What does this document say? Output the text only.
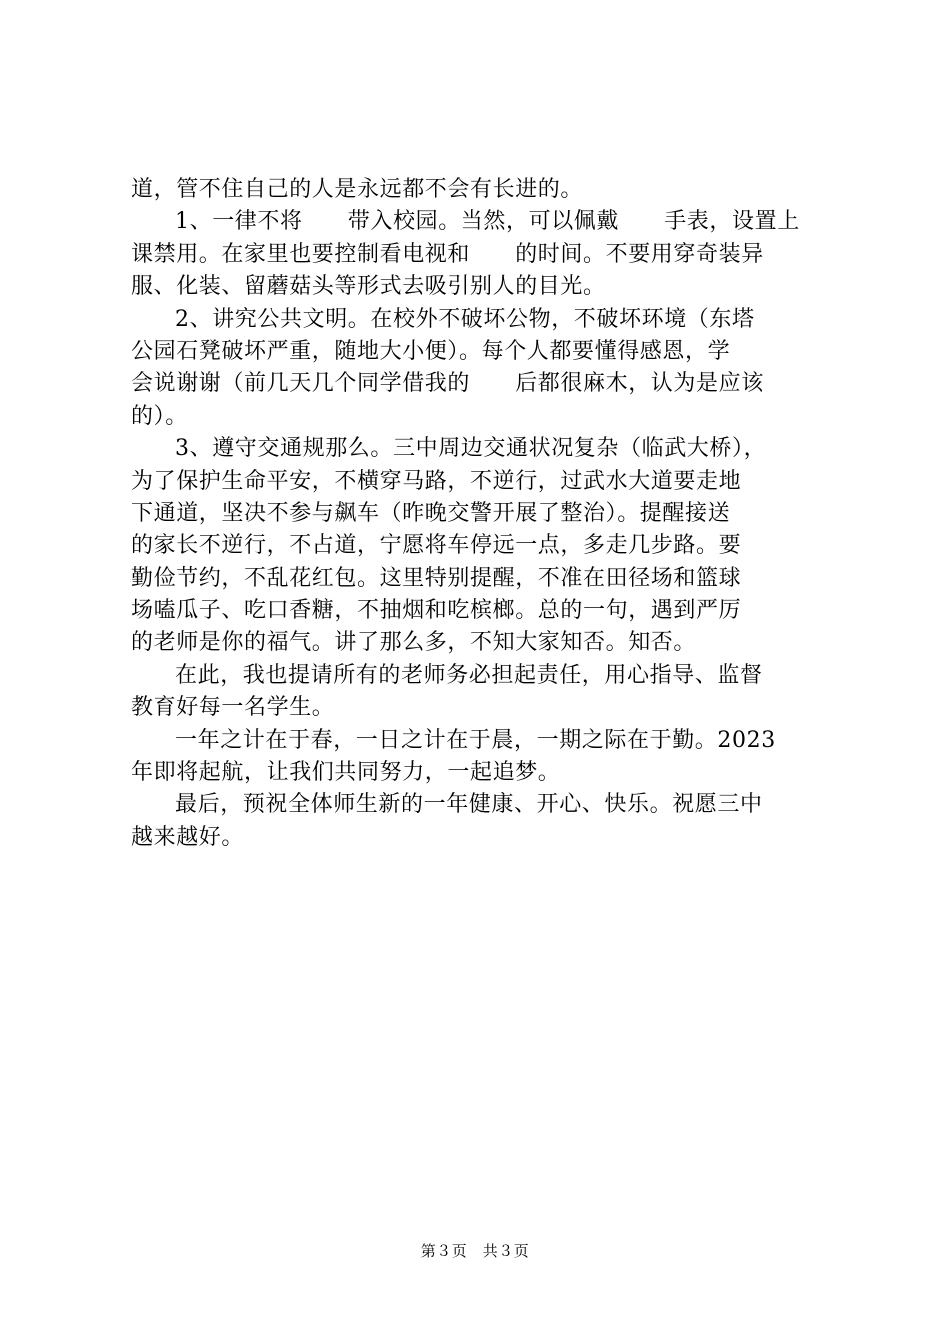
道，管不住自己的人是永远都不会有长进的。
1、一律不将　　带入校园。当然，可以佩戴　　手表，设置上
课禁用。在家里也要控制看电视和　　的时间。不要用穿奇装异
服、化装、留蘑菇头等形式去吸引别人的目光。
2、讲究公共文明。在校外不破坏公物，不破坏环境（东塔
公园石凳破坏严重，随地大小便）。每个人都要懂得感恩，学
会说谢谢（前几天几个同学借我的　　后都很麻木，认为是应该
的）。
3、遵守交通规那么。三中周边交通状况复杂（临武大桥），
为了保护生命平安，不横穿马路，不逆行，过武水大道要走地
下通道，坚决不参与飙车（昨晚交警开展了整治）。提醒接送
的家长不逆行，不占道，宁愿将车停远一点，多走几步路。要
勤俭节约，不乱花红包。这里特别提醒，不准在田径场和篮球
场嗑瓜子、吃口香糖，不抽烟和吃槟榔。总的一句，遇到严厉
的老师是你的福气。讲了那么多，不知大家知否。知否。
在此，我也提请所有的老师务必担起责任，用心指导、监督
教育好每一名学生。
一年之计在于春，一日之计在于晨，一期之际在于勤。2023
年即将起航，让我们共同努力，一起追梦。
最后，预祝全体师生新的一年健康、开心、快乐。祝愿三中
越来越好。
第３页　共３页
